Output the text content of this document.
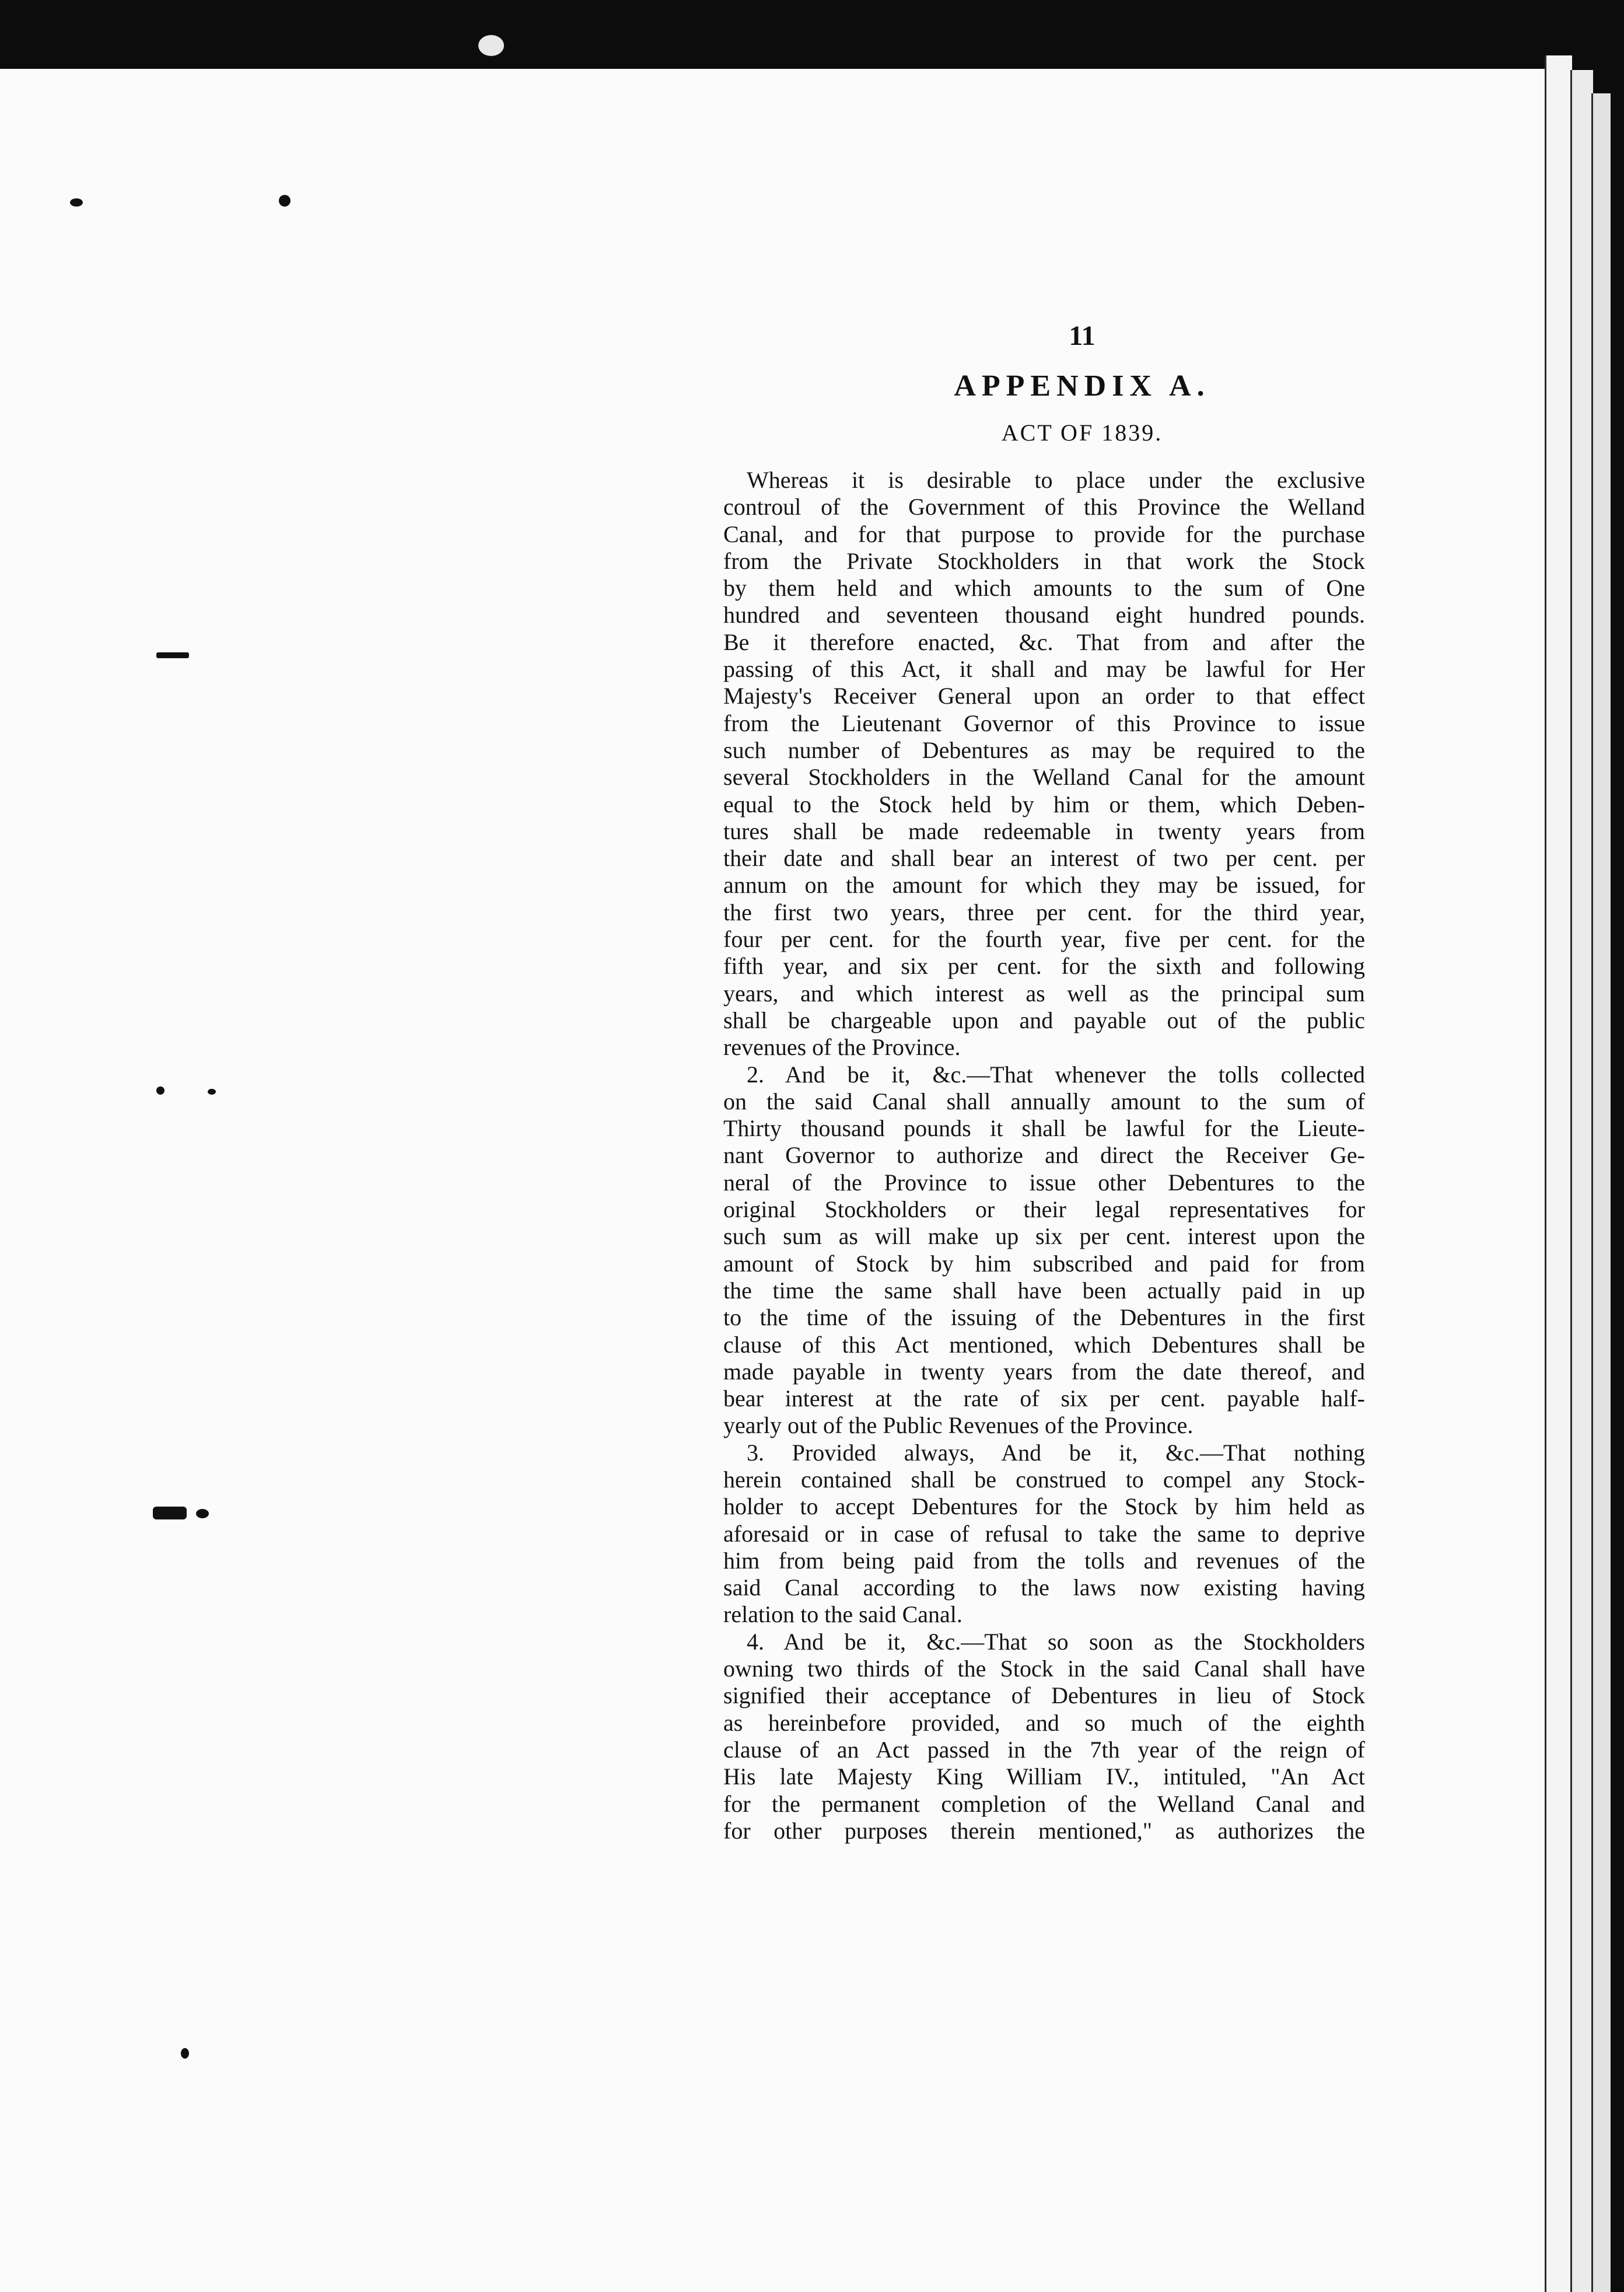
11
APPENDIX A.
ACT OF 1839.
Whereas it is desirable to place under the exclusive
controul of the Government of this Province the Welland
Canal, and for that purpose to provide for the purchase
from the Private Stockholders in that work the Stock
by them held and which amounts to the sum of One
hundred and seventeen thousand eight hundred pounds.
Be it therefore enacted, &c. That from and after the
passing of this Act, it shall and may be lawful for Her
Majesty's Receiver General upon an order to that effect
from the Lieutenant Governor of this Province to issue
such number of Debentures as may be required to the
several Stockholders in the Welland Canal for the amount
equal to the Stock held by him or them, which Deben-
tures shall be made redeemable in twenty years from
their date and shall bear an interest of two per cent. per
annum on the amount for which they may be issued, for
the first two years, three per cent. for the third year,
four per cent. for the fourth year, five per cent. for the
fifth year, and six per cent. for the sixth and following
years, and which interest as well as the principal sum
shall be chargeable upon and payable out of the public
revenues of the Province.
2. And be it, &c.—That whenever the tolls collected
on the said Canal shall annually amount to the sum of
Thirty thousand pounds it shall be lawful for the Lieute-
nant Governor to authorize and direct the Receiver Ge-
neral of the Province to issue other Debentures to the
original Stockholders or their legal representatives for
such sum as will make up six per cent. interest upon the
amount of Stock by him subscribed and paid for from
the time the same shall have been actually paid in up
to the time of the issuing of the Debentures in the first
clause of this Act mentioned, which Debentures shall be
made payable in twenty years from the date thereof, and
bear interest at the rate of six per cent. payable half-
yearly out of the Public Revenues of the Province.
3. Provided always, And be it, &c.—That nothing
herein contained shall be construed to compel any Stock-
holder to accept Debentures for the Stock by him held as
aforesaid or in case of refusal to take the same to deprive
him from being paid from the tolls and revenues of the
said Canal according to the laws now existing having
relation to the said Canal.
4. And be it, &c.—That so soon as the Stockholders
owning two thirds of the Stock in the said Canal shall have
signified their acceptance of Debentures in lieu of Stock
as hereinbefore provided, and so much of the eighth
clause of an Act passed in the 7th year of the reign of
His late Majesty King William IV., intituled, "An Act
for the permanent completion of the Welland Canal and
for other purposes therein mentioned," as authorizes the
